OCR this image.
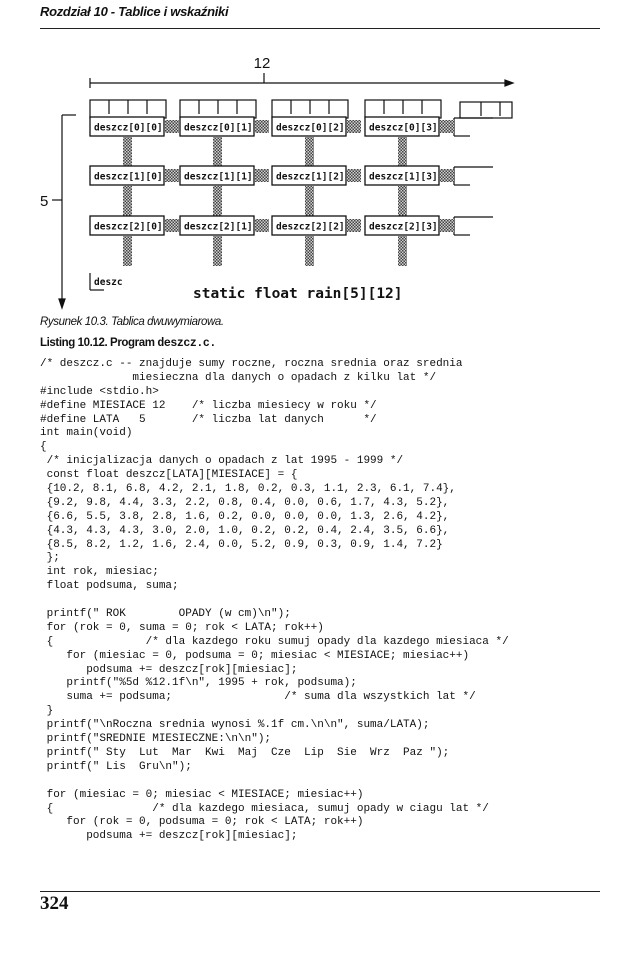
Rozdział 10 - Tablice i wskaźniki
deszcz[0][0] deszcz[0][1] deszcz[0][2]	deszcz[0][3]
deszcz[1][0] deszcz[1][1] deszcz[1][2]	deszcz[1][3]
deszcz[2][0] deszcz[2][1] deszcz[2][2]	deszcz[2][3]
12
5
deszc
static float rain[5][12]
Rysunek 10.3. Tablica dwuwymiarowa.
Listing 10.12. Program deszcz.c.
/* deszcz.c -- znajduje sumy roczne, roczna srednia oraz srednia
miesieczna dla danych o opadach z kilku lat */
#include <stdio.h>
#define MIESIACE 12    /* liczba miesiecy w roku */
#define LATA   5       /* liczba lat danych      */
int main(void)
{
/* inicjalizacja danych o opadach z lat 1995 - 1999 */
const float deszcz[LATA][MIESIACE] = {
{10.2, 8.1, 6.8, 4.2, 2.1, 1.8, 0.2, 0.3, 1.1, 2.3, 6.1, 7.4},
{9.2, 9.8, 4.4, 3.3, 2.2, 0.8, 0.4, 0.0, 0.6, 1.7, 4.3, 5.2},
{6.6, 5.5, 3.8, 2.8, 1.6, 0.2, 0.0, 0.0, 0.0, 1.3, 2.6, 4.2},
{4.3, 4.3, 4.3, 3.0, 2.0, 1.0, 0.2, 0.2, 0.4, 2.4, 3.5, 6.6},
{8.5, 8.2, 1.2, 1.6, 2.4, 0.0, 5.2, 0.9, 0.3, 0.9, 1.4, 7.2}
};
int rok, miesiac;
float podsuma, suma;
printf(" ROK        OPADY (w cm)\n");
for (rok = 0, suma = 0; rok < LATA; rok++)
{              /* dla kazdego roku sumuj opady dla kazdego miesiaca */
for (miesiac = 0, podsuma = 0; miesiac < MIESIACE; miesiac++)
podsuma += deszcz[rok][miesiac];
printf("%5d %12.1f\n", 1995 + rok, podsuma);
suma += podsuma;                 /* suma dla wszystkich lat */
}
printf("\nRoczna srednia wynosi %.1f cm.\n\n", suma/LATA);
printf("SREDNIE MIESIECZNE:\n\n");
printf(" Sty  Lut  Mar  Kwi  Maj  Cze  Lip  Sie  Wrz  Paz ");
printf(" Lis  Gru\n");
for (miesiac = 0; miesiac < MIESIACE; miesiac++)
{               /* dla kazdego miesiaca, sumuj opady w ciagu lat */
for (rok = 0, podsuma = 0; rok < LATA; rok++)
podsuma += deszcz[rok][miesiac];
324
